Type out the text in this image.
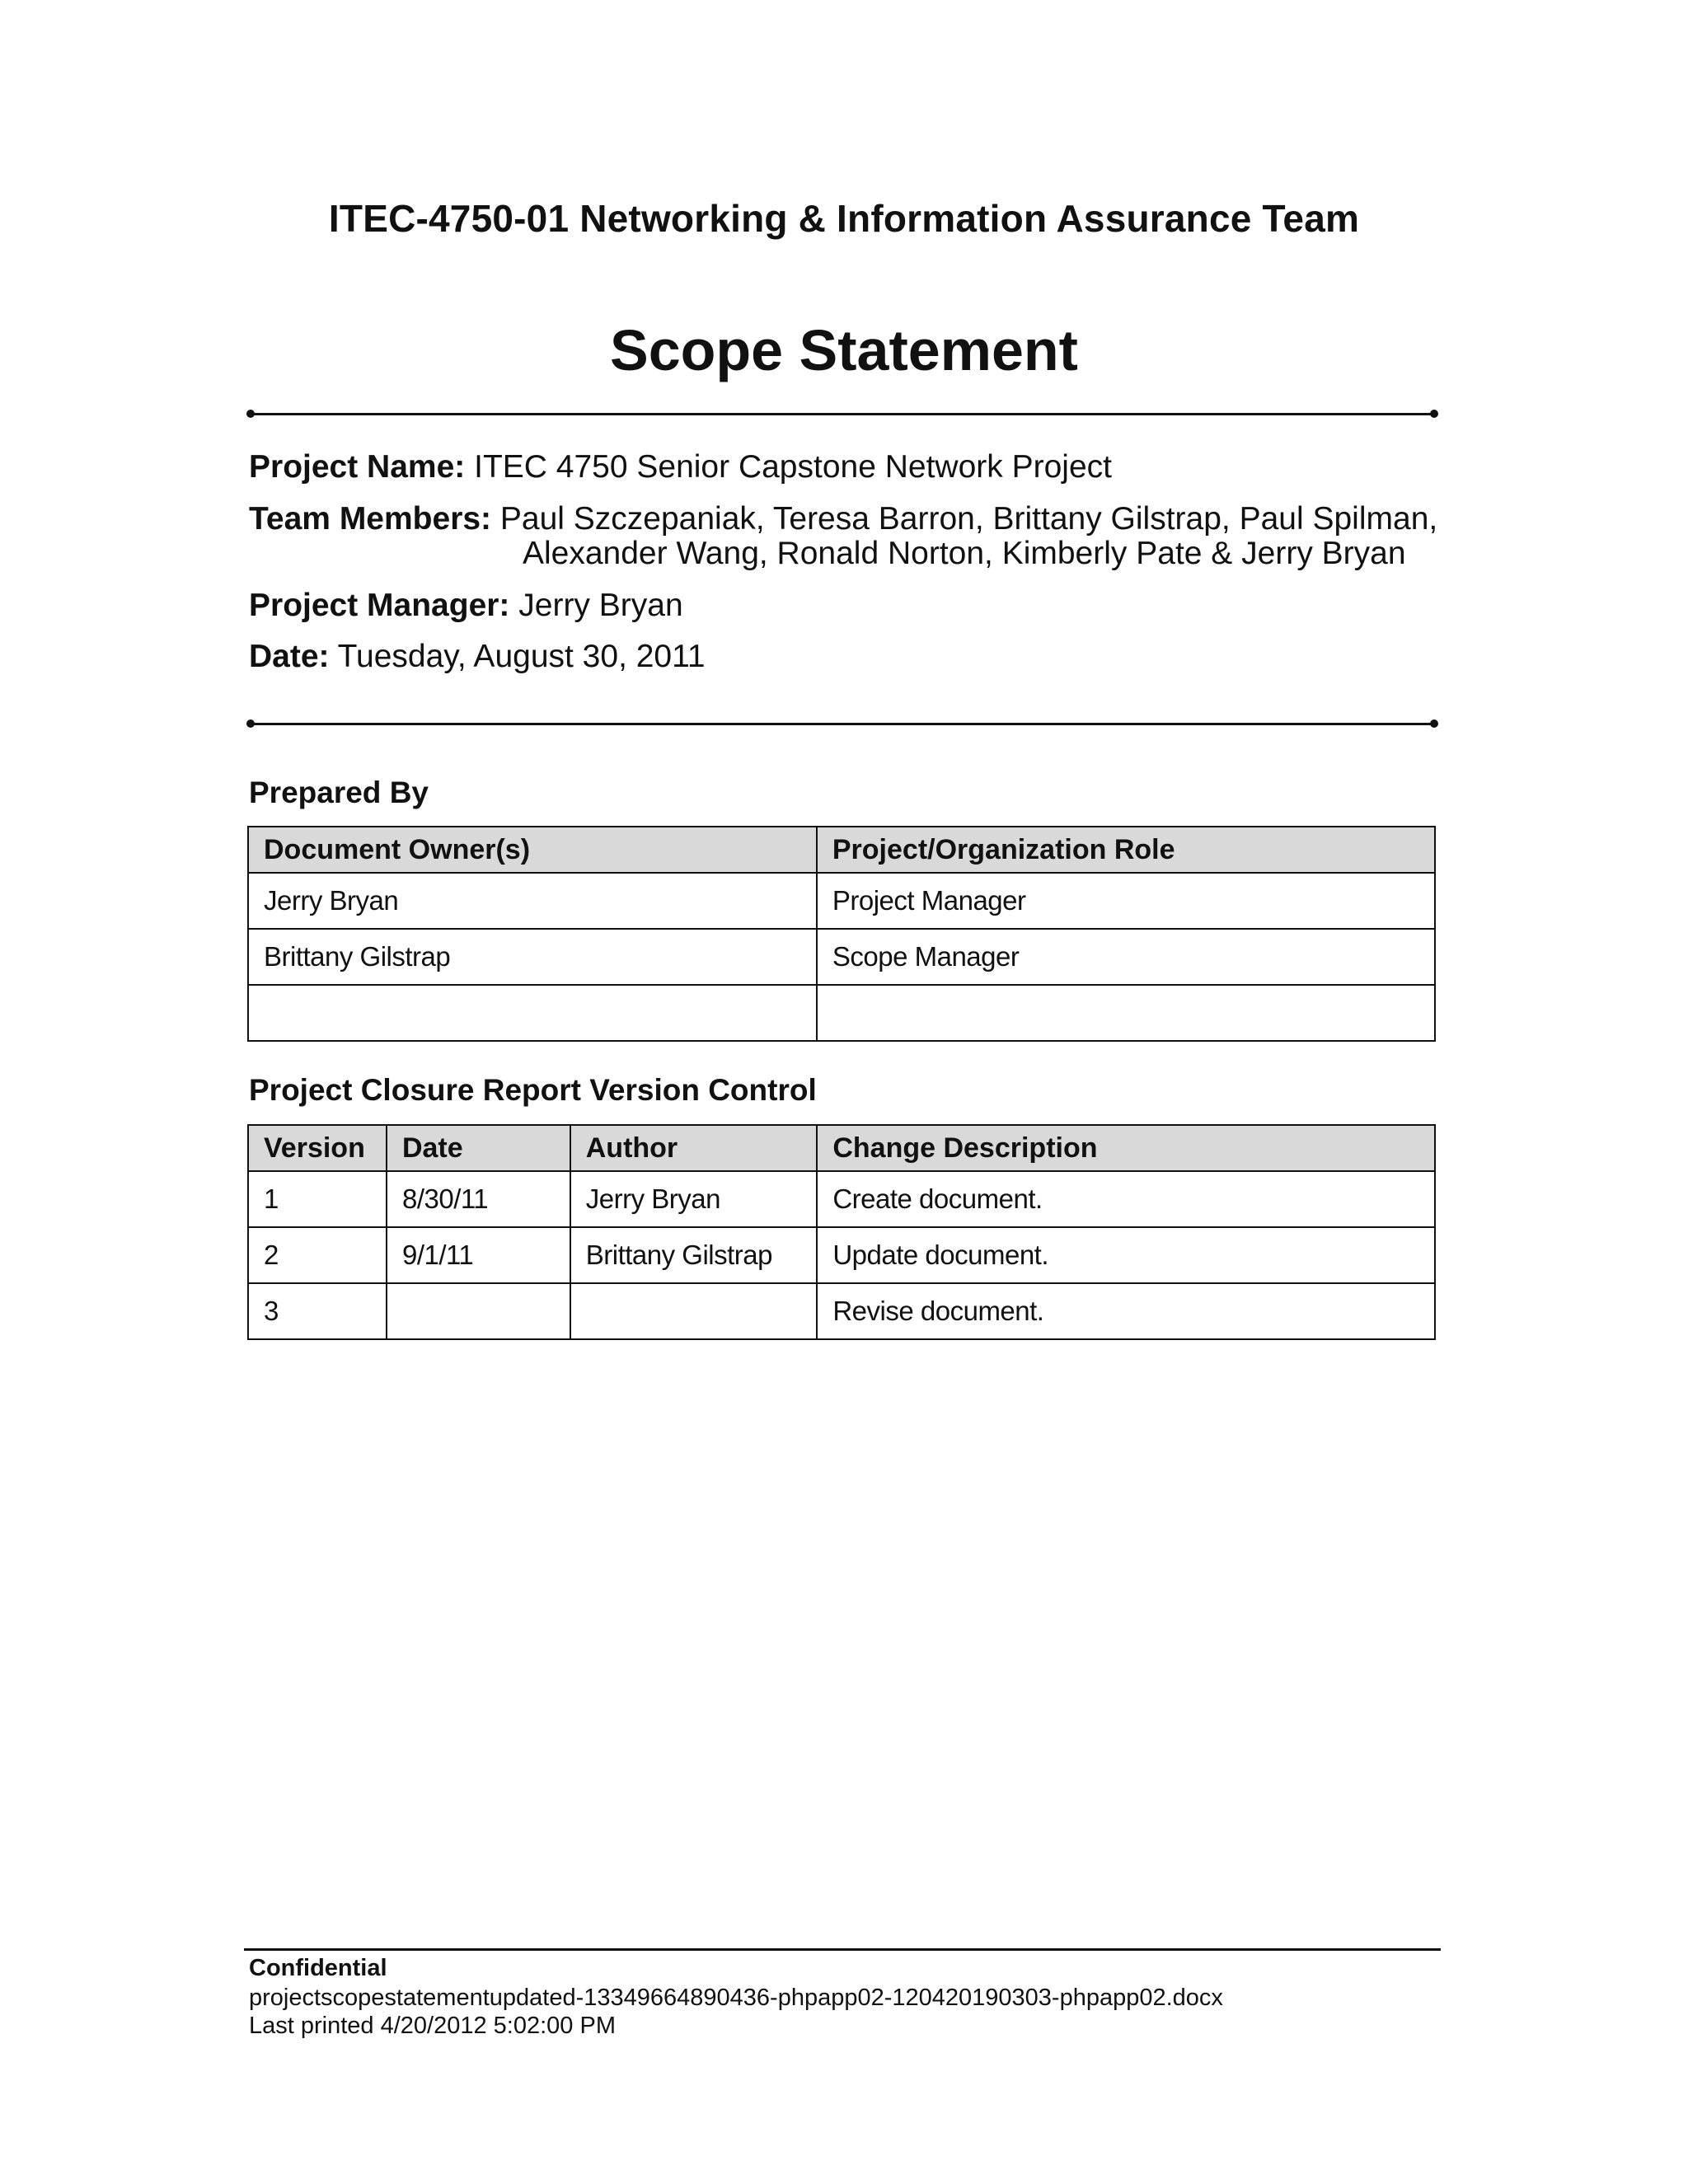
ITEC-4750-01 Networking & Information Assurance Team
Scope Statement
Project Name: ITEC 4750 Senior Capstone Network Project
Team Members: Paul Szczepaniak, Teresa Barron, Brittany Gilstrap, Paul Spilman,
Alexander Wang, Ronald Norton, Kimberly Pate & Jerry Bryan
Project Manager: Jerry Bryan
Date: Tuesday, August 30, 2011
Prepared By
Document Owner(s)	Project/Organization Role
Jerry Bryan	Project Manager
Brittany Gilstrap	Scope Manager

Project Closure Report Version Control
Version	Date	Author	Change Description
1	8/30/11	Jerry Bryan	Create document.
2	9/1/11	Brittany Gilstrap	Update document.
3			Revise document.
Confidential
projectscopestatementupdated-13349664890436-phpapp02-120420190303-phpapp02.docx
Last printed 4/20/2012 5:02:00 PM
